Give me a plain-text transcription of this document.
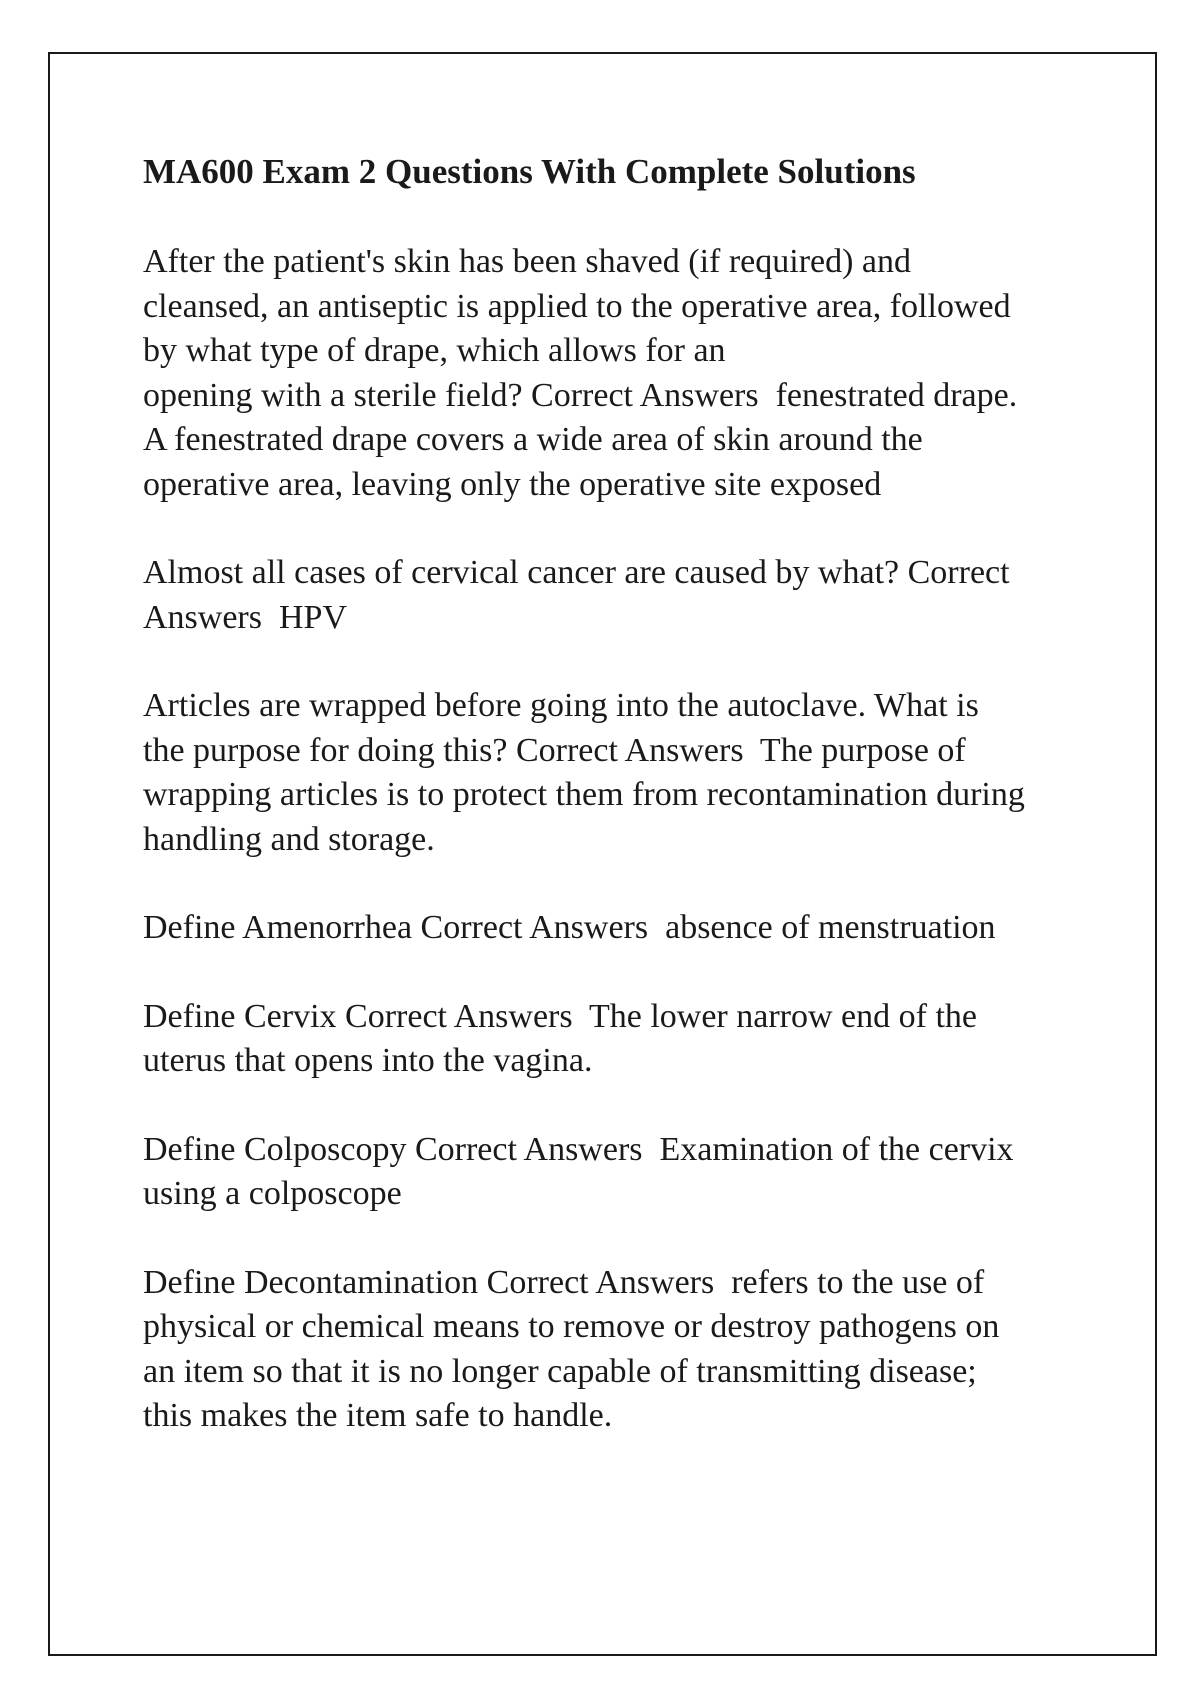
MA600 Exam 2 Questions With Complete Solutions
After the patient's skin has been shaved (if required) and
cleansed, an antiseptic is applied to the operative area, followed
by what type of drape, which allows for an
opening with a sterile field? Correct Answers  fenestrated drape.
A fenestrated drape covers a wide area of skin around the
operative area, leaving only the operative site exposed
Almost all cases of cervical cancer are caused by what? Correct
Answers  HPV
Articles are wrapped before going into the autoclave. What is
the purpose for doing this? Correct Answers  The purpose of
wrapping articles is to protect them from recontamination during
handling and storage.
Define Amenorrhea Correct Answers  absence of menstruation
Define Cervix Correct Answers  The lower narrow end of the
uterus that opens into the vagina.
Define Colposcopy Correct Answers  Examination of the cervix
using a colposcope
Define Decontamination Correct Answers  refers to the use of
physical or chemical means to remove or destroy pathogens on
an item so that it is no longer capable of transmitting disease;
this makes the item safe to handle.
